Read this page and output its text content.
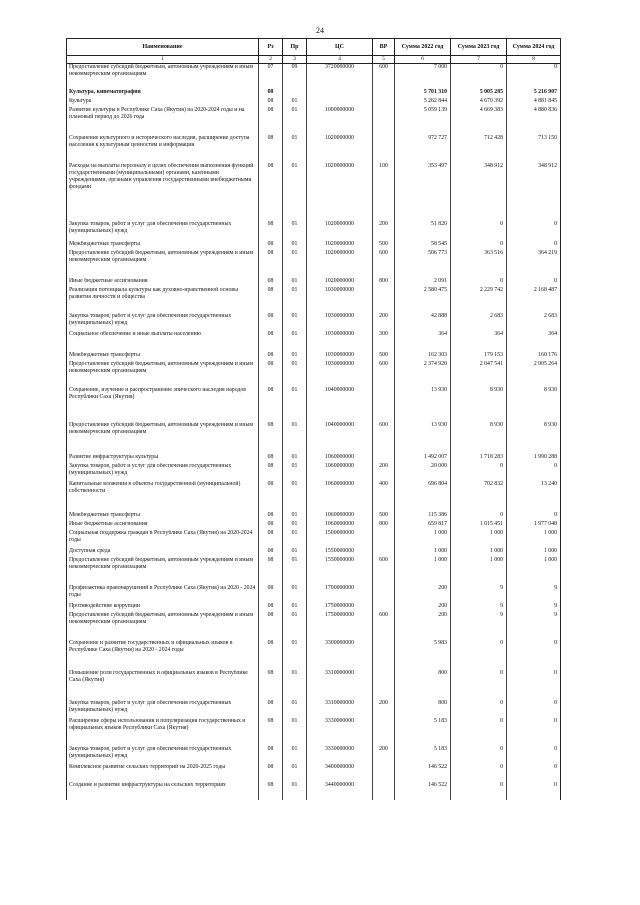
24
Наименование	Рз	Пр	ЦС	ВР	Сумма 2022 год	Сумма 2023 год	Сумма 2024 год
1	2	3	4	5	6	7	8
Предоставление субсидий бюджетным, автономным учреждениям и иным некоммерческим организациям	07	09	3720000000	600	7 000	0	0

Культура, кинематография	08				5 701 310	5 005 285	5 216 907
Культура	08	01			5 262 844	4 670 392	4 881 845
Развитие культуры в Республике Саха (Якутия) на 2020-2024 годы и на плановый период до 2026 года	08	01	1000000000		5 059 139	4 669 383	4 880 836
Сохранение культурного и исторического наследия, расширение доступа населения к культурным ценностям и информации	08	01	1020000000		972 727	712 428	713 150
Расходы на выплаты персоналу в целях обеспечения выполнения функций государственными (муниципальными) органами, казенными учреждениями, органами управления государственными внебюджетными фондами	08	01	1020000000	100	353 497	348 912	348 912
Закупка товаров, работ и услуг для обеспечения государственных (муниципальных) нужд	08	01	1020000000	200	51 820	0	0
Межбюджетные трансферты	08	01	1020000000	500	58 545	0	0
Предоставление субсидий бюджетным, автономным учреждениям и иным некоммерческим организациям	08	01	1020000000	600	506 773	363 516	364 219
Иные бюджетные ассигнования	08	01	1020000000	800	2 091	0	0
Реализация потенциала культуры как духовно-нравственной основы развития личности и общества	08	01	1030000000		2 580 475	2 229 742	2 168 487
Закупка товаров, работ и услуг для обеспечения государственных (муниципальных) нужд	08	01	1030000000	200	42 888	2 683	2 683
Социальное обеспечение и иные выплаты населению	08	01	1030000000	300	364	364	364
Межбюджетные трансферты	08	01	1030000000	500	162 303	179 153	160 176
Предоставление субсидий бюджетным, автономным учреждениям и иным некоммерческим организациям	08	01	1030000000	600	2 374 920	2 047 541	2 005 264
Сохранение, изучение и распространение эпического наследия народов Республики Саха (Якутия)	08	01	1040000000		13 930	8 930	8 930
Предоставление субсидий бюджетным, автономным учреждениям и иным некоммерческим организациям	08	01	1040000000	600	13 930	8 930	8 930
Развитие инфраструктуры культуры	08	01	1060000000		1 492 007	1 718 283	1 990 288
Закупка товаров, работ и услуг для обеспечения государственных (муниципальных) нужд	08	01	1060000000	200	20 000	0	0
Капитальные вложения в объекты государственной (муниципальной) собственности	08	01	1060000000	400	696 804	702 832	13 240
Межбюджетные трансферты	08	01	1060000000	500	115 386	0	0
Иные бюджетные ассигнования	08	01	1060000000	800	659 817	1 015 451	1 977 048
Социальная поддержка граждан в Республике Саха (Якутия) на 2020-2024 годы	08	01	1500000000		1 000	1 000	1 000
Доступная среда	08	01	1550000000		1 000	1 000	1 000
Предоставление субсидий бюджетным, автономным учреждениям и иным некоммерческим организациям	08	01	1550000000	600	1 000	1 000	1 000
Профилактика правонарушений в Республике Саха (Якутия) на 2020 - 2024 годы	08	01	1700000000		200	9	9
Противодействие коррупции	08	01	1750000000		200	9	9
Предоставление субсидий бюджетным, автономным учреждениям и иным некоммерческим организациям	08	01	1750000000	600	200	9	9
Сохранение и развитие государственных и официальных языков в Республике Саха (Якутия) на 2020 - 2024 годы	08	01	3300000000		5 983	0	0
Повышение роли государственных и официальных языков в Республике Саха (Якутия)	08	01	3310000000		800	0	0
Закупка товаров, работ и услуг для обеспечения государственных (муниципальных) нужд	08	01	3310000000	200	800	0	0
Расширение сферы использования и популяризация государственных и официальных языков Республики Саха (Якутия)	08	01	3330000000		5 183	0	0
Закупка товаров, работ и услуг для обеспечения государственных (муниципальных) нужд	08	01	3330000000	200	5 183	0	0
Комплексное развитие сельских территорий на 2020-2025 годы	08	01	3400000000		146 522	0	0
Создание и развитие инфраструктуры на сельских территориях	08	01	3440000000		146 522	0	0
